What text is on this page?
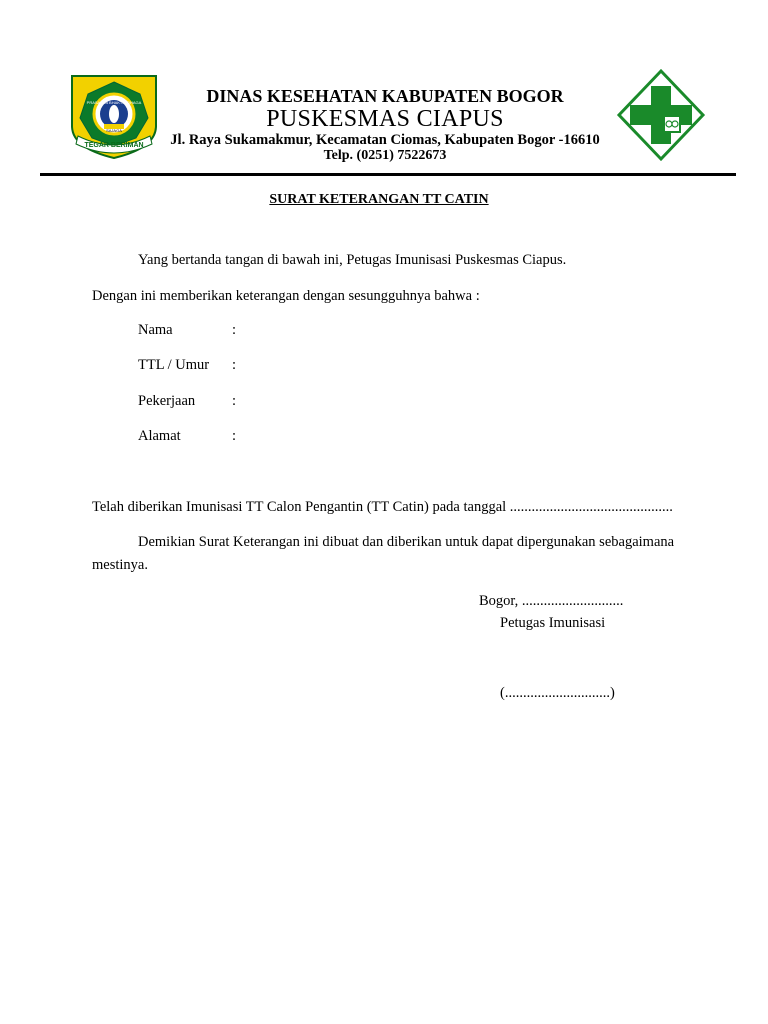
TEGAR BERIMAN
PRASADYA BHAKTI TOHAGA
SAJAGA
DINAS KESEHATAN KABUPATEN BOGOR
PUSKESMAS CIAPUS
Jl. Raya Sukamakmur, Kecamatan Ciomas, Kabupaten Bogor -16610
Telp. (0251) 7522673
SURAT KETERANGAN TT CATIN
Yang bertanda tangan di bawah ini, Petugas Imunisasi Puskesmas Ciapus.
Dengan ini memberikan keterangan dengan sesungguhnya bahwa :
Nama	:
TTL / Umur :
Pekerjaan	:
Alamat	:
Telah diberikan Imunisasi TT Calon Pengantin (TT Catin) pada tanggal .............................................
Demikian Surat Keterangan ini dibuat dan diberikan untuk dapat dipergunakan sebagaimana
mestinya.
Bogor, ............................
Petugas Imunisasi
(.............................)
